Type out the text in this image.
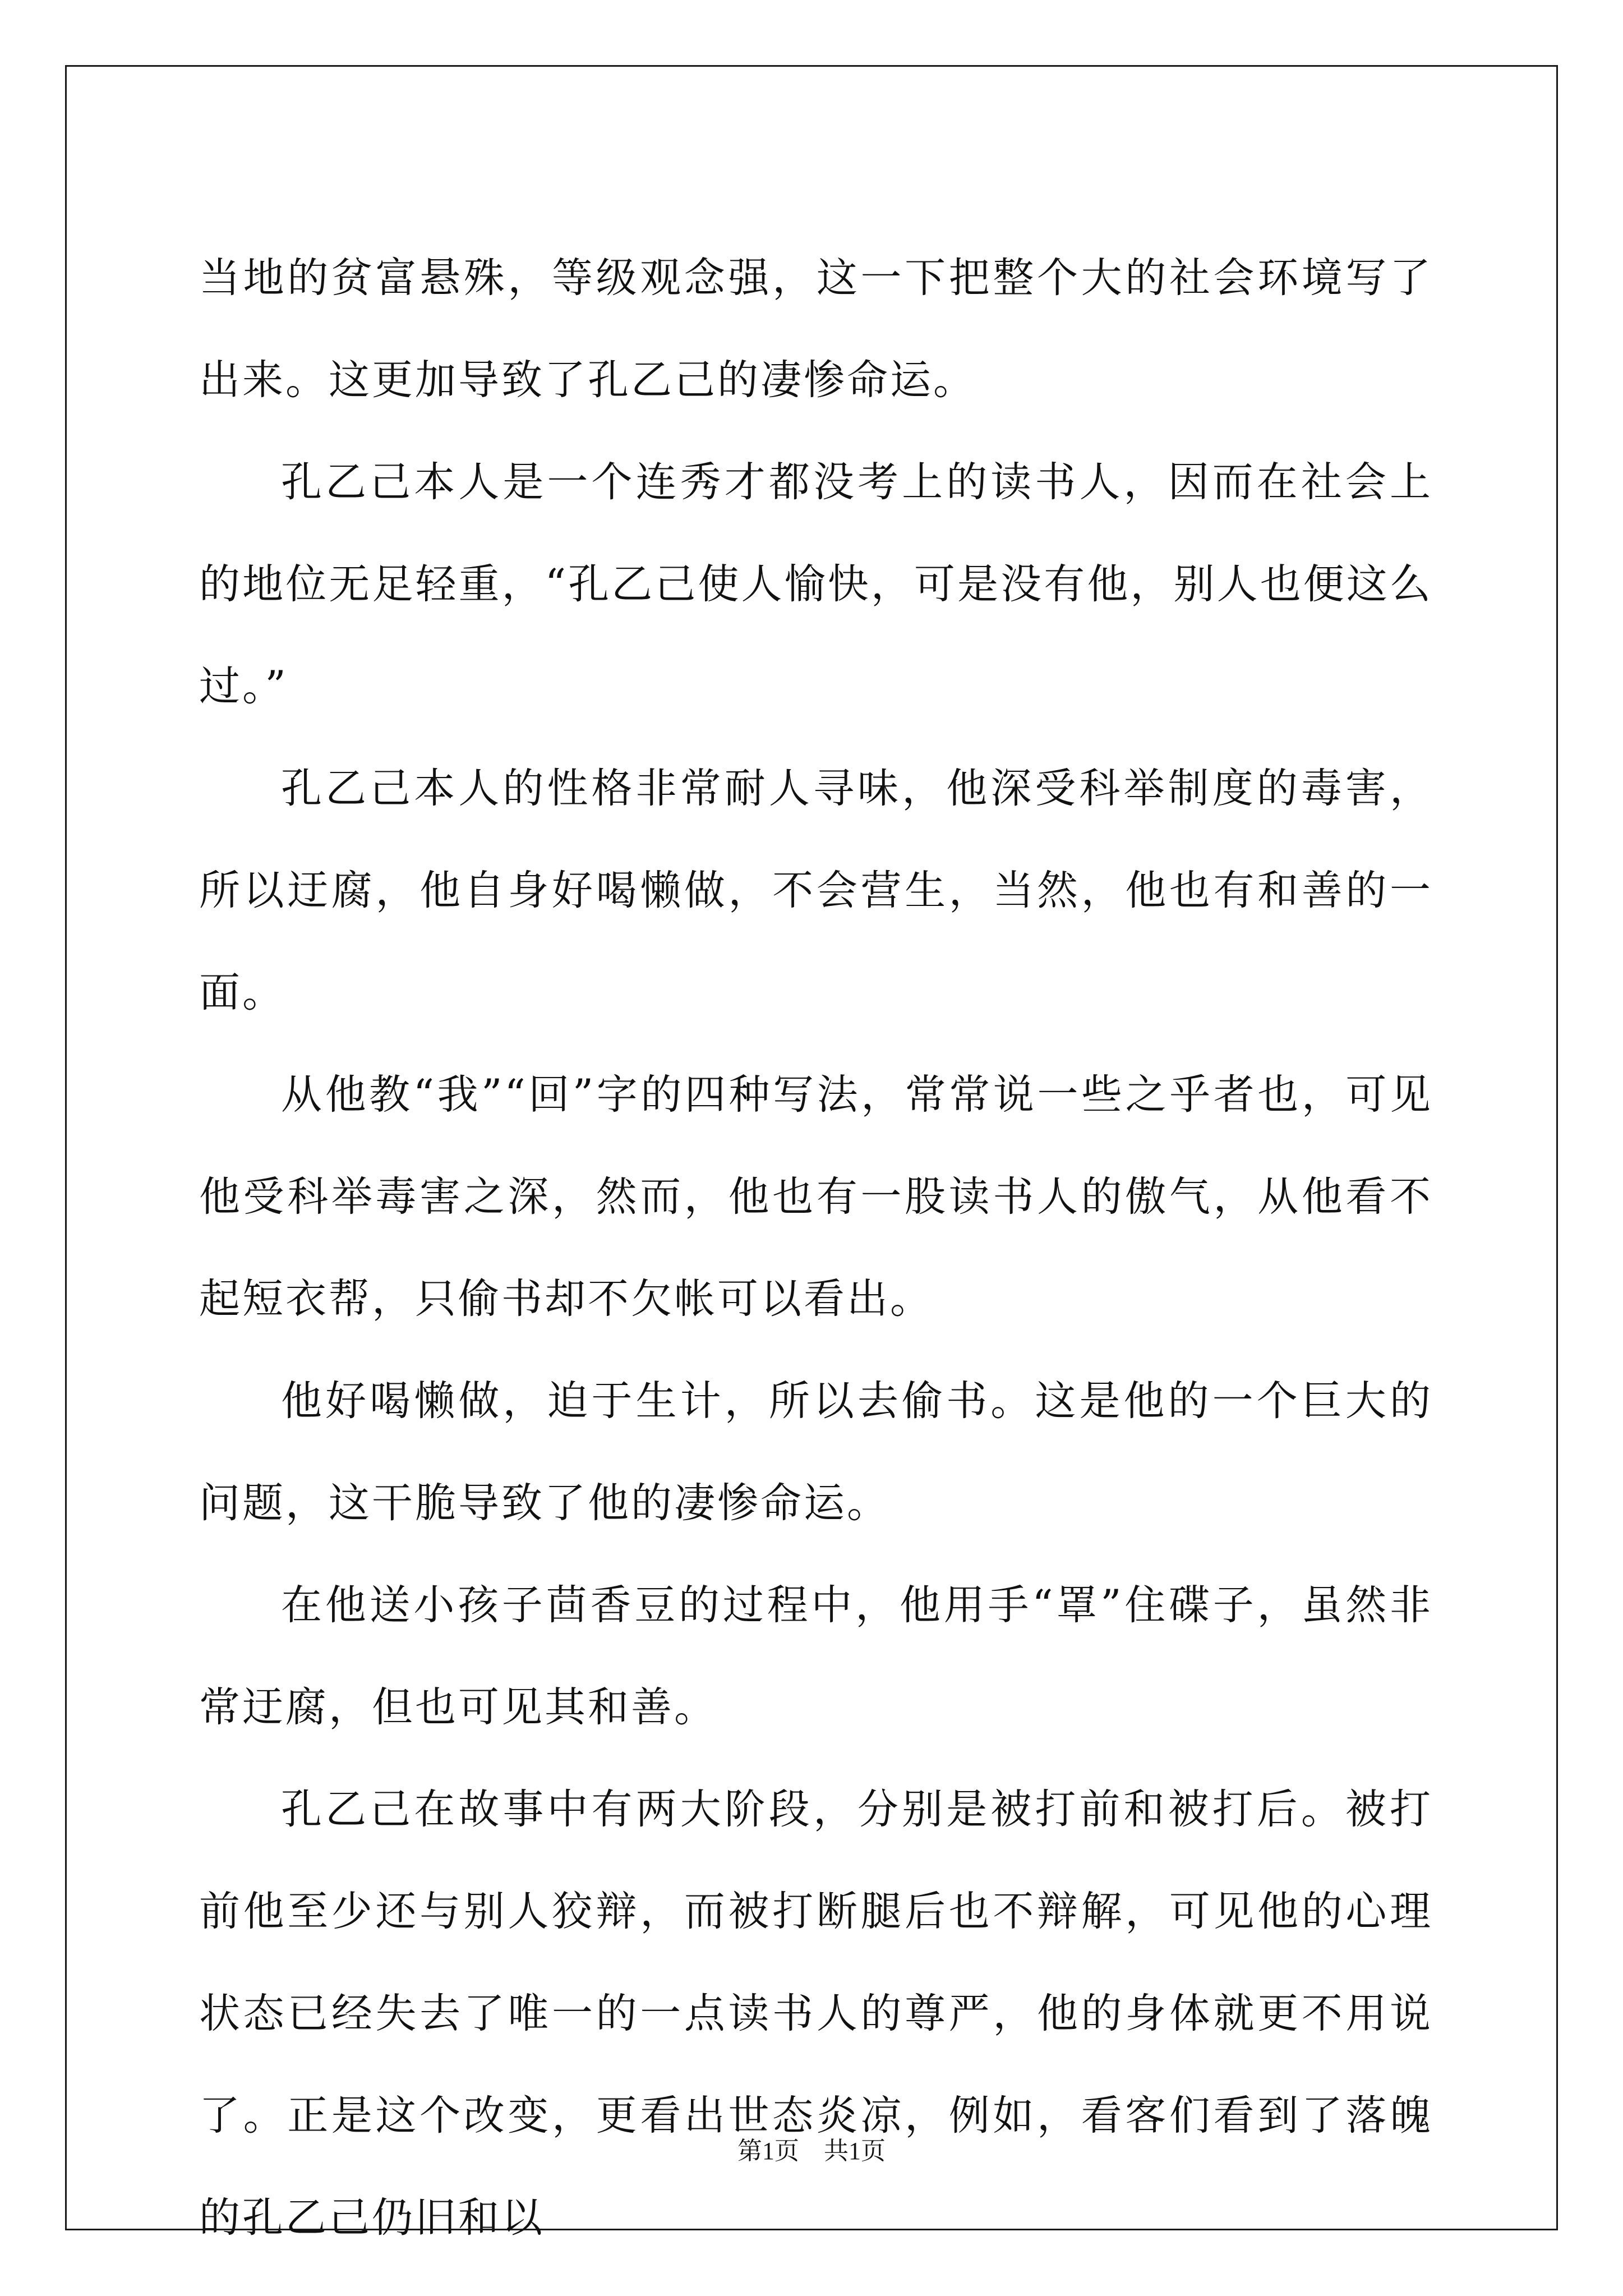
当地的贫富悬殊，等级观念强，这一下把整个大的社会环境写了出来。这更加导致了孔乙己的凄惨命运。

孔乙己本人是一个连秀才都没考上的读书人，因而在社会上的地位无足轻重，“孔乙己使人愉快，可是没有他，别人也便这么过。”

孔乙己本人的性格非常耐人寻味，他深受科举制度的毒害，所以迂腐，他自身好喝懒做，不会营生，当然，他也有和善的一面。

从他教“我”“回”字的四种写法，常常说一些之乎者也，可见他受科举毒害之深，然而，他也有一股读书人的傲气，从他看不起短衣帮，只偷书却不欠帐可以看出。

他好喝懒做，迫于生计，所以去偷书。这是他的一个巨大的问题，这干脆导致了他的凄惨命运。

在他送小孩子茴香豆的过程中，他用手“罩”住碟子，虽然非常迂腐，但也可见其和善。

孔乙己在故事中有两大阶段，分别是被打前和被打后。被打前他至少还与别人狡辩，而被打断腿后也不辩解，可见他的心理状态已经失去了唯一的一点读书人的尊严，他的身体就更不用说了。正是这个改变，更看出世态炎凉，例如，看客们看到了落魄的孔乙己仍旧和以

第1页　共1页
